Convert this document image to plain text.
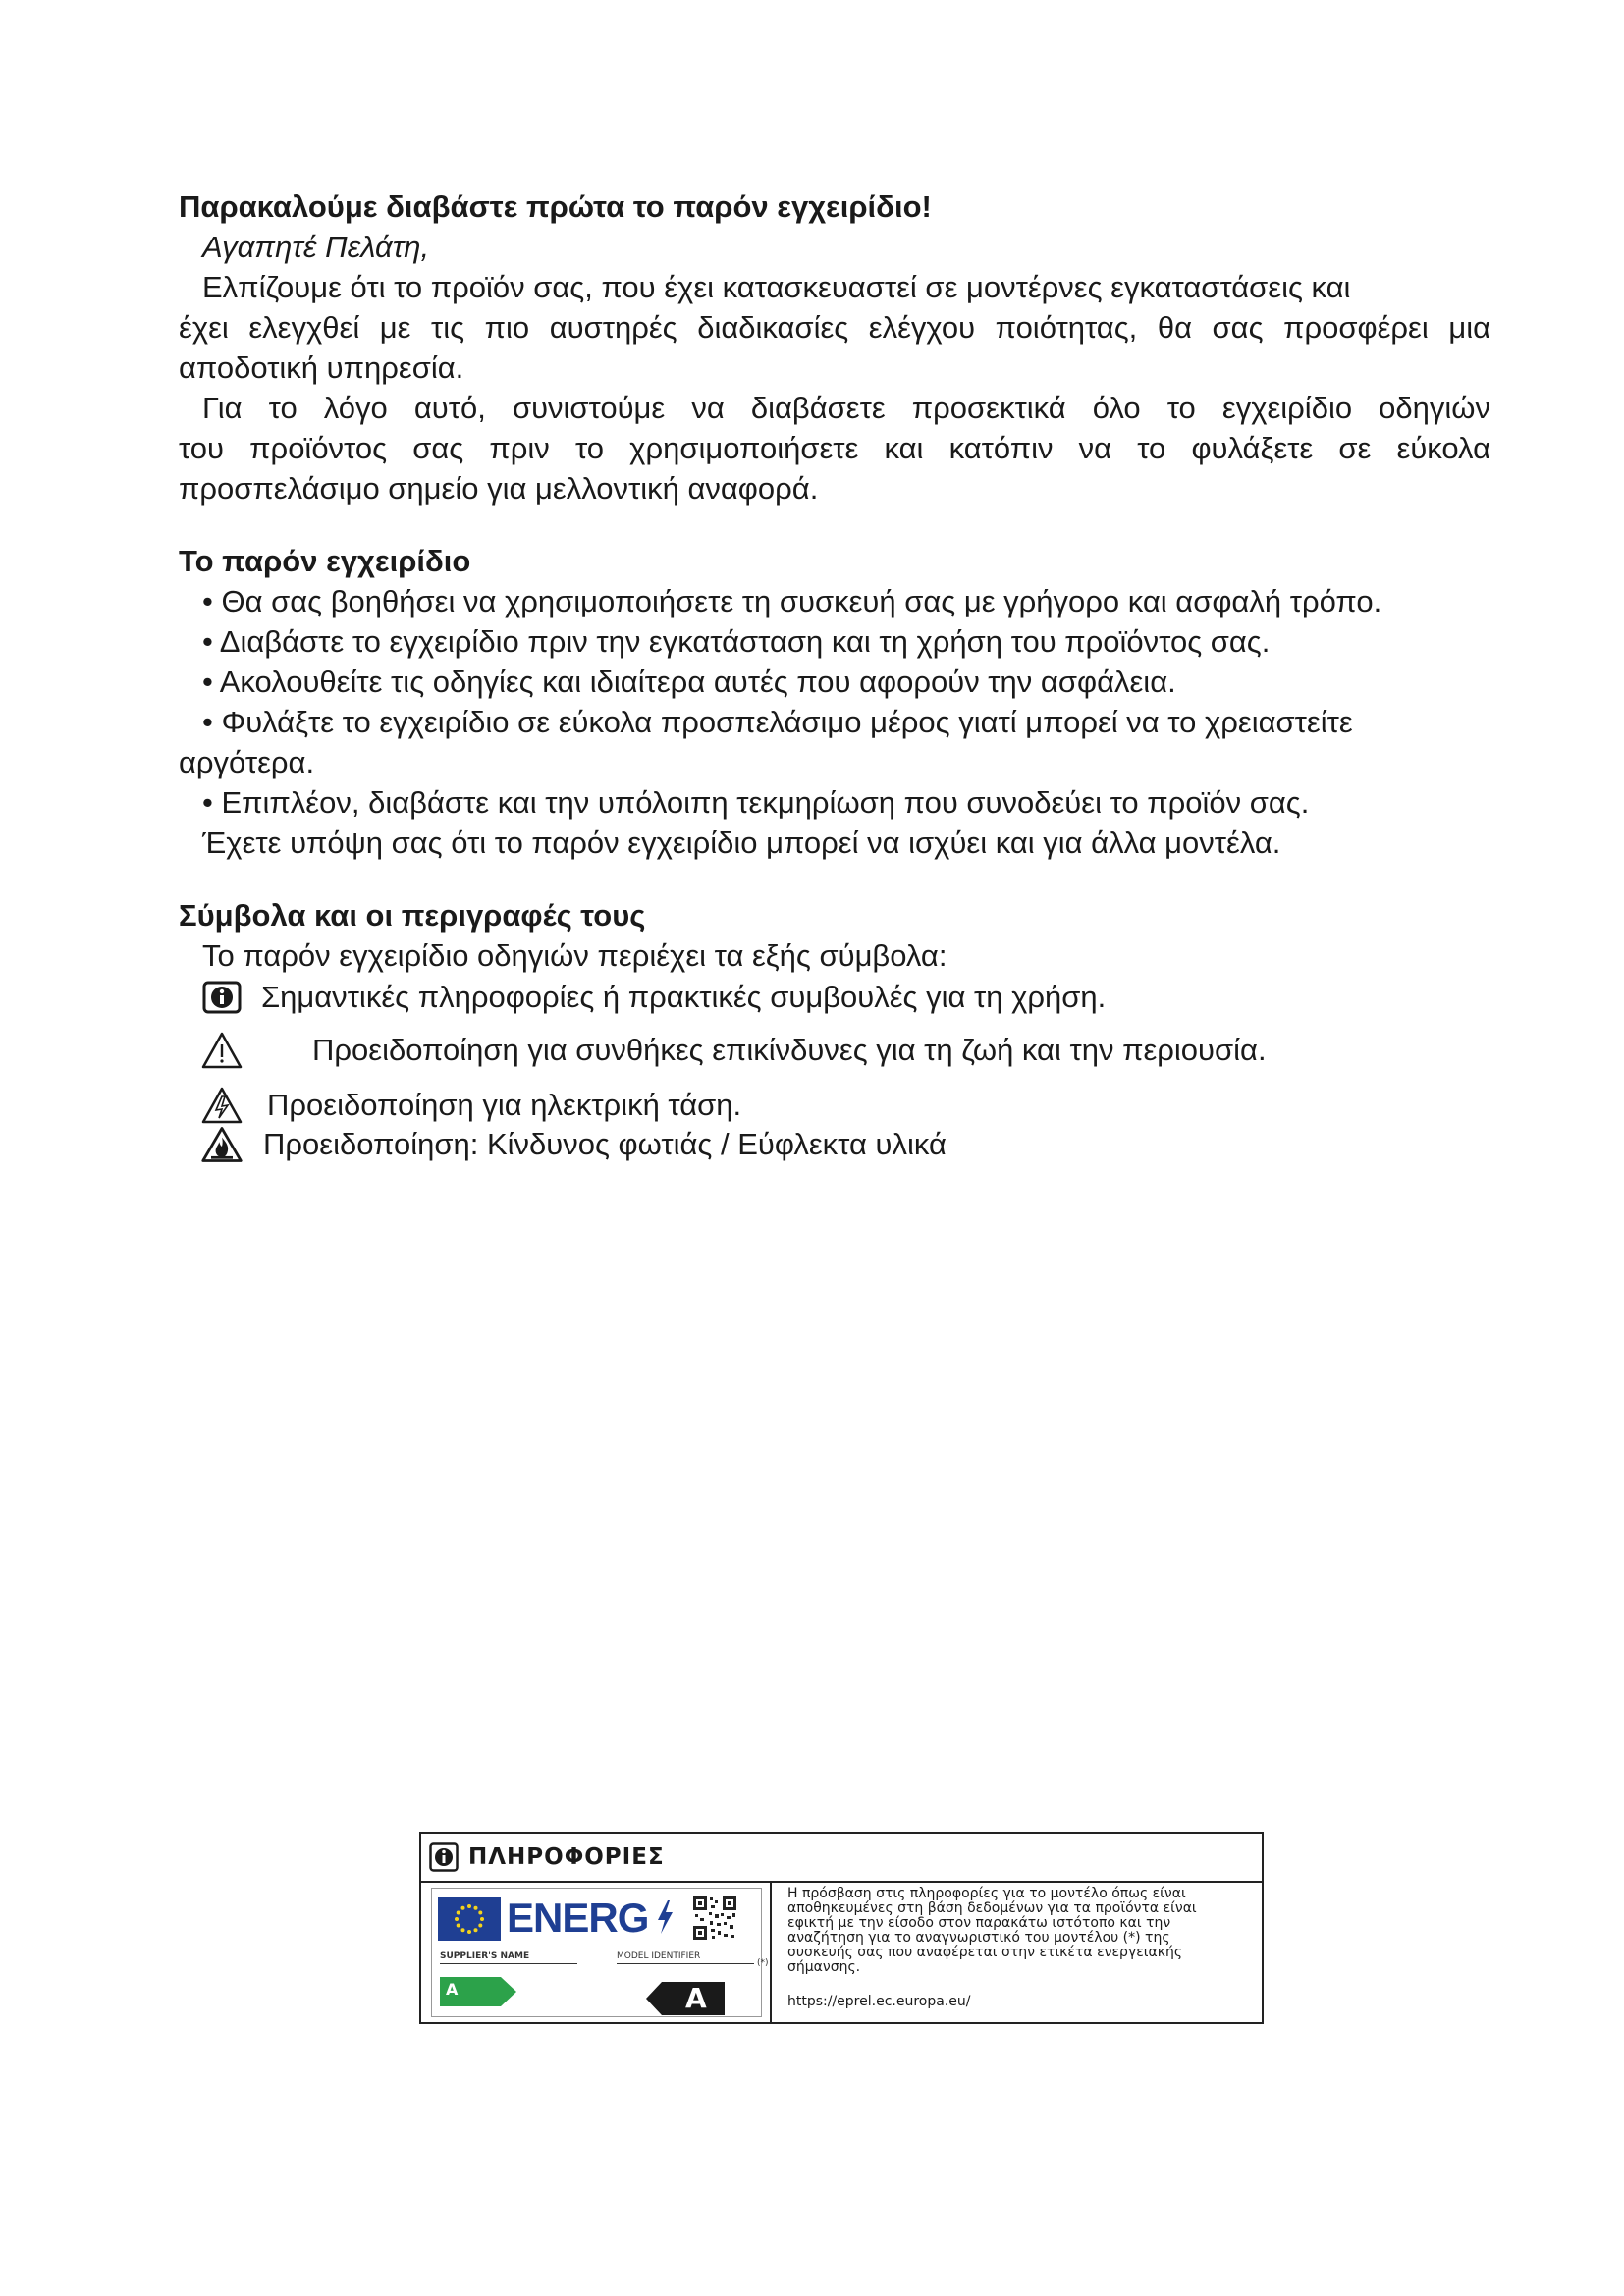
Παρακαλούμε διαβάστε πρώτα το παρόν εγχειρίδιο!

Αγαπητέ Πελάτη,

Ελπίζουμε ότι το προϊόν σας, που έχει κατασκευαστεί σε μοντέρνες εγκαταστάσεις και

έχει ελεγχθεί με τις πιο αυστηρές διαδικασίες ελέγχου ποιότητας, θα σας προσφέρει μια

αποδοτική υπηρεσία.

Για το λόγο αυτό, συνιστούμε να διαβάσετε προσεκτικά όλο το εγχειρίδιο οδηγιών

του προϊόντος σας πριν το χρησιμοποιήσετε και κατόπιν να το φυλάξετε σε εύκολα

προσπελάσιμο σημείο για μελλοντική αναφορά.

Το παρόν εγχειρίδιο

• Θα σας βοηθήσει να χρησιμοποιήσετε τη συσκευή σας με γρήγορο και ασφαλή τρόπο.

• Διαβάστε το εγχειρίδιο πριν την εγκατάσταση και τη χρήση του προϊόντος σας.

• Ακολουθείτε τις οδηγίες και ιδιαίτερα αυτές που αφορούν την ασφάλεια.

• Φυλάξτε το εγχειρίδιο σε εύκολα προσπελάσιμο μέρος γιατί μπορεί να το χρειαστείτε

αργότερα.

• Επιπλέον, διαβάστε και την υπόλοιπη τεκμηρίωση που συνοδεύει το προϊόν σας.

Έχετε υπόψη σας ότι το παρόν εγχειρίδιο μπορεί να ισχύει και για άλλα μοντέλα.

Σύμβολα και οι περιγραφές τους

Το παρόν εγχειρίδιο οδηγιών περιέχει τα εξής σύμβολα:

Σημαντικές πληροφορίες ή πρακτικές συμβουλές για τη χρήση.
Προειδοποίηση για συνθήκες επικίνδυνες για τη ζωή και την περιουσία.
Προειδοποίηση για ηλεκτρική τάση.
Προειδοποίηση: Κίνδυνος φωτιάς / Εύφλεκτα υλικά
ΠΛΗΡΟΦΟΡΙΕΣ
ENERG
SUPPLIER'S NAME	MODEL IDENTIFIER
(*)
A	A
Η πρόσβαση στις πληροφορίες για το μοντέλο όπως είναι
αποθηκευμένες στη βάση δεδομένων για τα προϊόντα είναι
εφικτή με την είσοδο στον παρακάτω ιστότοπο και την
αναζήτηση για το αναγνωριστικό του μοντέλου (*) της
συσκευής σας που αναφέρεται στην ετικέτα ενεργειακής
σήμανσης.
https://eprel.ec.europa.eu/
